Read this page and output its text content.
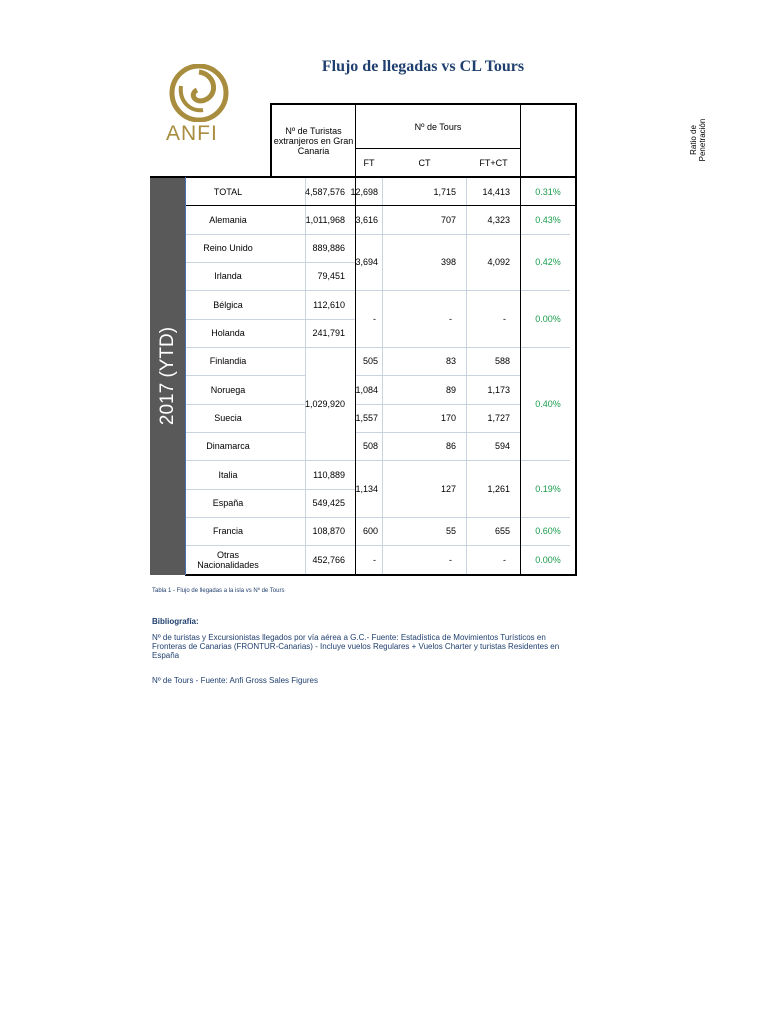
ANFI
Flujo de llegadas vs CL Tours
2017 (YTD)
Nº de Turistas extranjeros en Gran Canaria
Nº de Tours
FT	CT	FT+CT
Ratio de Penetración
TOTAL
Alemania
Reino Unido
Irlanda
Bélgica
Holanda
Finlandia
Noruega
Suecia
Dinamarca
Italia
España
Francia
Otras Nacionalidades
4,587,576
1,011,968
889,886
79,451
112,610
241,791
1,029,920
110,889
549,425
108,870
452,766
12,698
3,616
3,694
-
505
1,084
1,557
508
1,134
600
-
1,715
707
398
-
83
89
170
86
127
55
-
14,413
4,323
4,092
-
588
1,173
1,727
594
1,261
655
-
0.31%
0.43%
0.42%
0.00%
0.40%
0.19%
0.60%
0.00%
Tabla 1 - Flujo de llegadas a la isla vs Nº de Tours
Bibliografía:
Nº de turistas y Excursionistas llegados por vía aérea a G.C.- Fuente: Estadística de Movimientos Turísticos en Fronteras de Canarias (FRONTUR-Canarias) - Incluye vuelos Regulares + Vuelos Charter y turistas Residentes en España
Nº de Tours - Fuente: Anfi Gross Sales Figures
